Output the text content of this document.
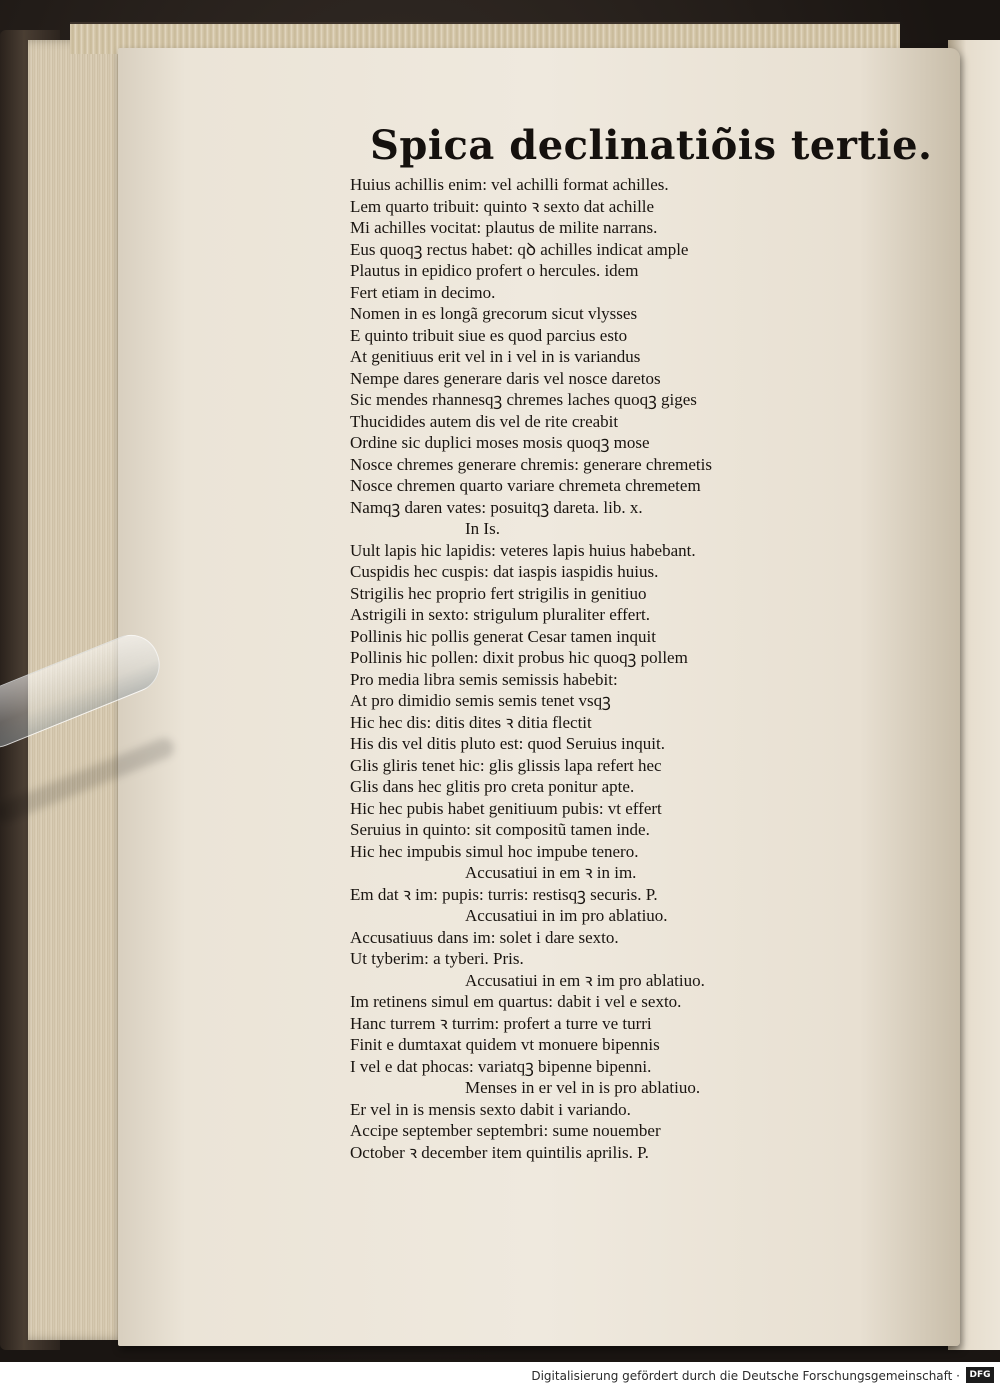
Spica declinatiõis tertie.
Huius achillis enim: vel achilli format achilles.
Lem quarto tribuit: quinto ꝛ sexto dat achille
Mi achilles vocitat: plautus de milite narrans.
Eus quoqꝫ rectus habet: qꝺ achilles indicat ample
Plautus in epidico profert o hercules. idem
Fert etiam in decimo.
Nomen in es longã grecorum sicut vlysses
E quinto tribuit siue es quod parcius esto
At genitiuus erit vel in i vel in is variandus
Nempe dares generare daris vel nosce daretos
Sic mendes rhannesqꝫ chremes laches quoqꝫ giges
Thucidides autem dis vel de rite creabit
Ordine sic duplici moses mosis quoqꝫ mose
Nosce chremes generare chremis: generare chremetis
Nosce chremen quarto variare chremeta chremetem
Namqꝫ daren vates: posuitqꝫ dareta. lib. x.
In Is.
Uult lapis hic lapidis: veteres lapis huius habebant.
Cuspidis hec cuspis: dat iaspis iaspidis huius.
Strigilis hec proprio fert strigilis in genitiuo
Astrigili in sexto: strigulum pluraliter effert.
Pollinis hic pollis generat Cesar tamen inquit
Pollinis hic pollen: dixit probus hic quoqꝫ pollem
Pro media libra semis semissis habebit:
At pro dimidio semis semis tenet vsqꝫ
Hic hec dis: ditis dites ꝛ ditia flectit
His dis vel ditis pluto est: quod Seruius inquit.
Glis gliris tenet hic: glis glissis lapa refert hec
Glis dans hec glitis pro creta ponitur apte.
Hic hec pubis habet genitiuum pubis: vt effert
Seruius in quinto: sit compositũ tamen inde.
Hic hec impubis simul hoc impube tenero.
Accusatiui in em ꝛ in im.
Em dat ꝛ im: pupis: turris: restisqꝫ securis. P.
Accusatiui in im pro ablatiuo.
Accusatiuus dans im: solet i dare sexto.
Ut tyberim: a tyberi. Pris.
Accusatiui in em ꝛ im pro ablatiuo.
Im retinens simul em quartus: dabit i vel e sexto.
Hanc turrem ꝛ turrim: profert a turre ve turri
Finit e dumtaxat quidem vt monuere bipennis
I vel e dat phocas: variatqꝫ bipenne bipenni.
Menses in er vel in is pro ablatiuo.
Er vel in is mensis sexto dabit i variando.
Accipe september septembri: sume nouember
October ꝛ december item quintilis aprilis. P.
Digitalisierung gefördert durch die Deutsche Forschungsgemeinschaft ·	DFG
